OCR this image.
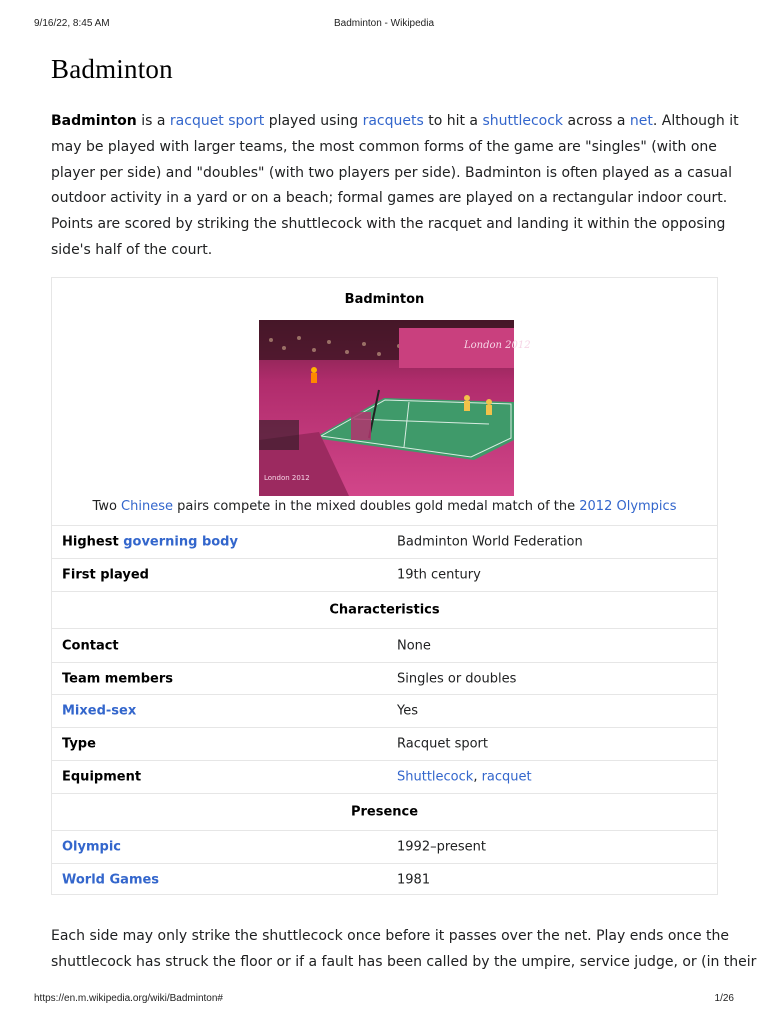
9/16/22, 8:45 AM	Badminton - Wikipedia
Badminton

Badminton is a racquet sport played using racquets to hit a shuttlecock across a net. Although it
may be played with larger teams, the most common forms of the game are "singles" (with one
player per side) and "doubles" (with two players per side). Badminton is often played as a casual
outdoor activity in a yard or on a beach; formal games are played on a rectangular indoor court.
Points are scored by striking the shuttlecock with the racquet and landing it within the opposing
side's half of the court.

Badminton
London 2012
London 2012
Two Chinese pairs compete in the mixed doubles gold medal match of the 2012 Olympics
Highest governing body	Badminton World Federation
First played	19th century
Characteristics
Contact	None
Team members	Singles or doubles
Mixed-sex	Yes
Type	Racquet sport
Equipment	Shuttlecock, racquet
Presence
Olympic	1992–present
World Games	1981

Each side may only strike the shuttlecock once before it passes over the net. Play ends once the
shuttlecock has struck the floor or if a fault has been called by the umpire, service judge, or (in their

https://en.m.wikipedia.org/wiki/Badminton#	1/26
